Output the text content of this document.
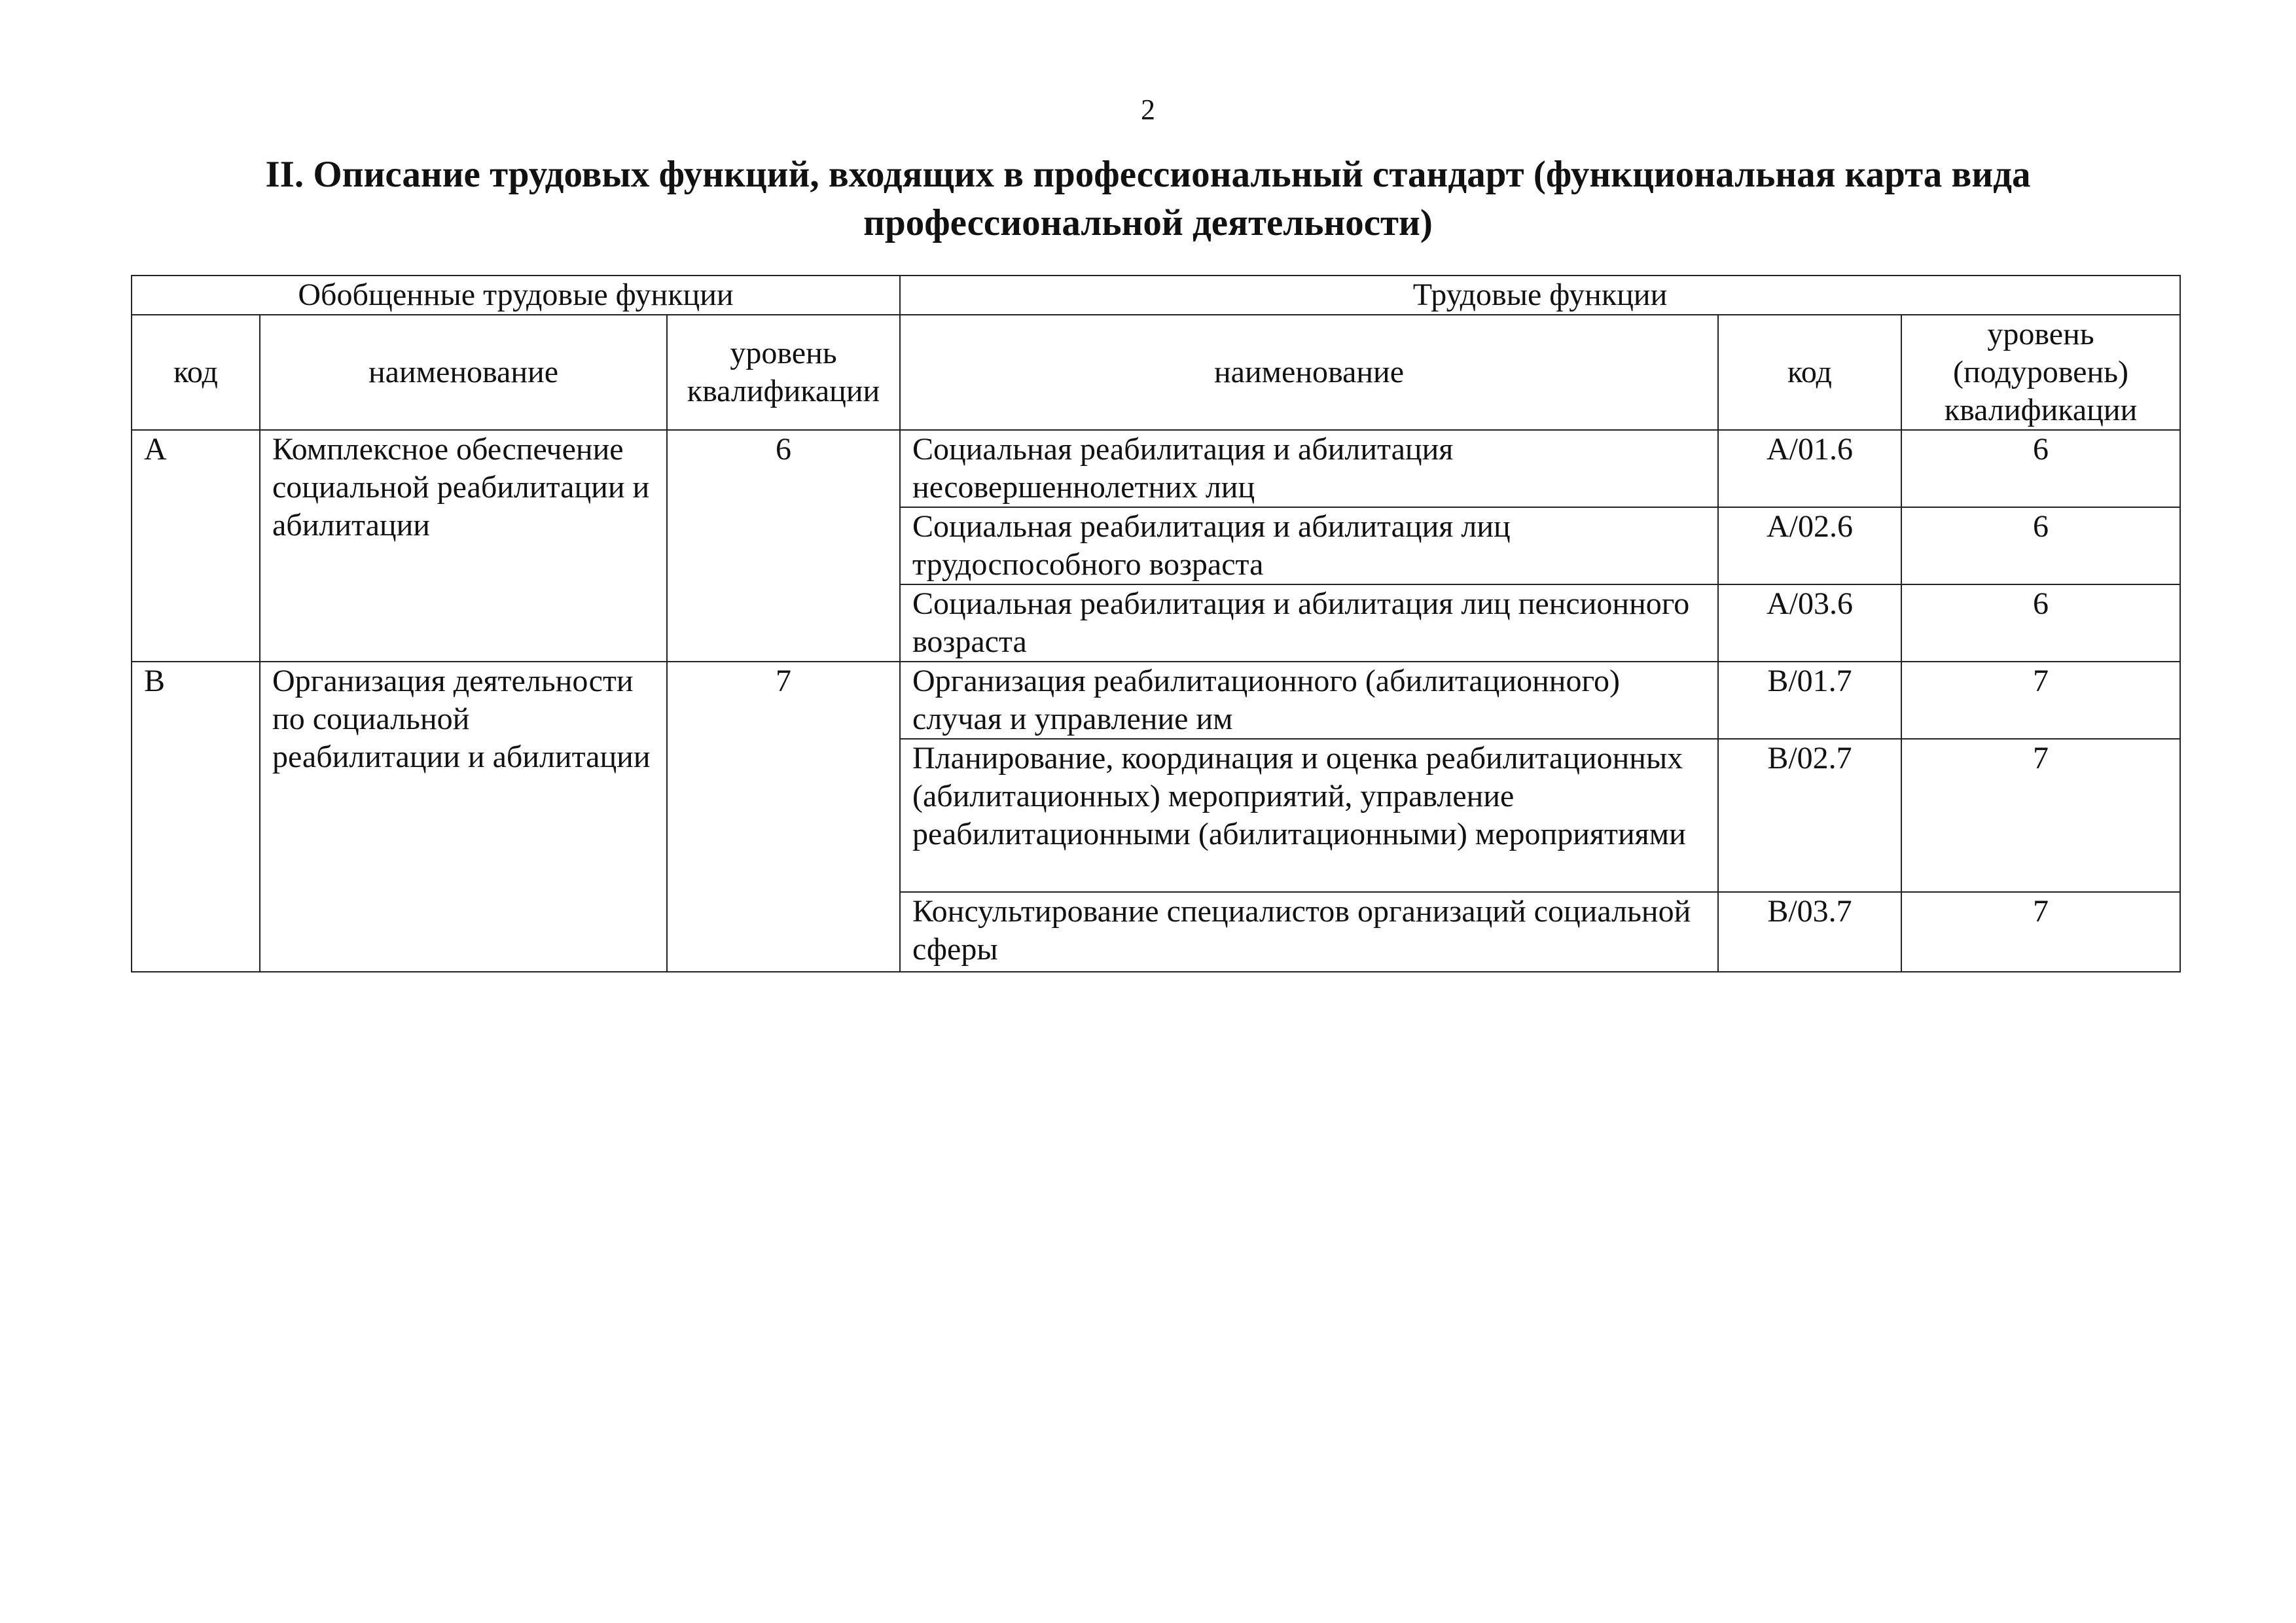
2
II. Описание трудовых функций, входящих в профессиональный стандарт (функциональная карта вида профессиональной деятельности)
Обобщенные трудовые функции			Трудовые функции		
код	наименование	уровень квалификации	наименование	код	уровень (подуровень) квалификации
A	Комплексное обеспечение социальной реабилитации и абилитации	6	Социальная реабилитация и абилитация несовершеннолетних лиц	A/01.6	6
			Социальная реабилитация и абилитация лиц трудоспособного возраста	A/02.6	6
			Социальная реабилитация и абилитация лиц пенсионного возраста	A/03.6	6
B	Организация деятельности по социальной реабилитации и абилитации	7	Организация реабилитационного (абилитационного) случая и управление им	B/01.7	7
			Планирование, координация и оценка реабилитационных (абилитационных) мероприятий, управление реабилитационными (абилитационными) мероприятиями	B/02.7	7
			Консультирование специалистов организаций социальной сферы	B/03.7	7
